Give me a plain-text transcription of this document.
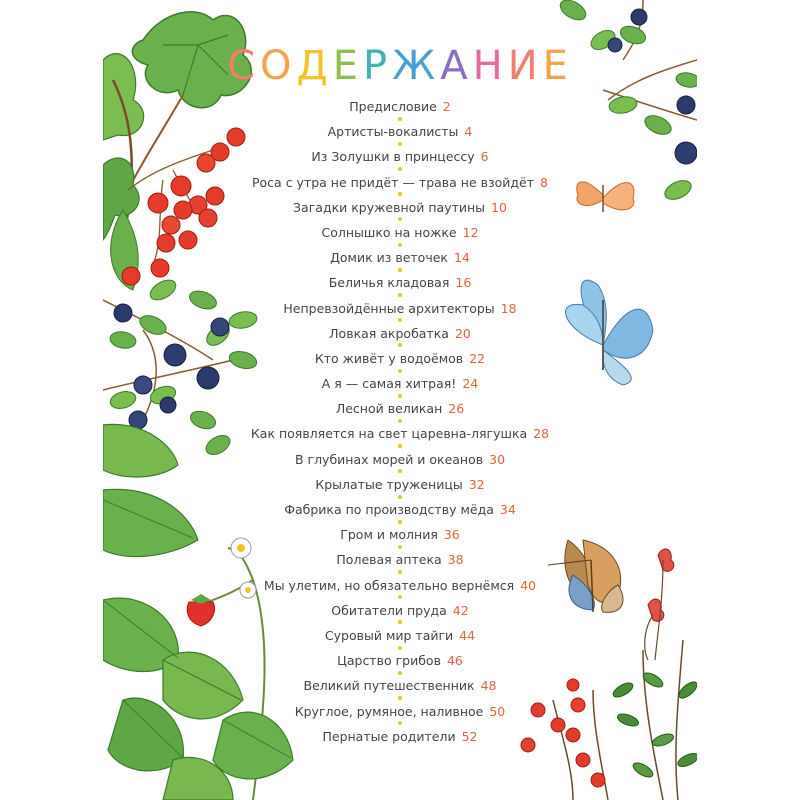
СОДЕРЖАНИЕ
Предисловие 2
Артисты-вокалисты 4
Из Золушки в принцессу 6
Роса с утра не придёт — трава не взойдёт 8
Загадки кружевной паутины 10
Солнышко на ножке 12
Домик из веточек 14
Беличья кладовая 16
Непревзойдённые архитекторы 18
Ловкая акробатка 20
Кто живёт у водоёмов 22
А я — самая хитрая! 24
Лесной великан 26
Как появляется на свет царевна-лягушка 28
В глубинах морей и океанов 30
Крылатые труженицы 32
Фабрика по производству мёда 34
Гром и молния 36
Полевая аптека 38
Мы улетим, но обязательно вернёмся 40
Обитатели пруда 42
Суровый мир тайги 44
Царство грибов 46
Великий путешественник 48
Круглое, румяное, наливное 50
Пернатые родители 52
